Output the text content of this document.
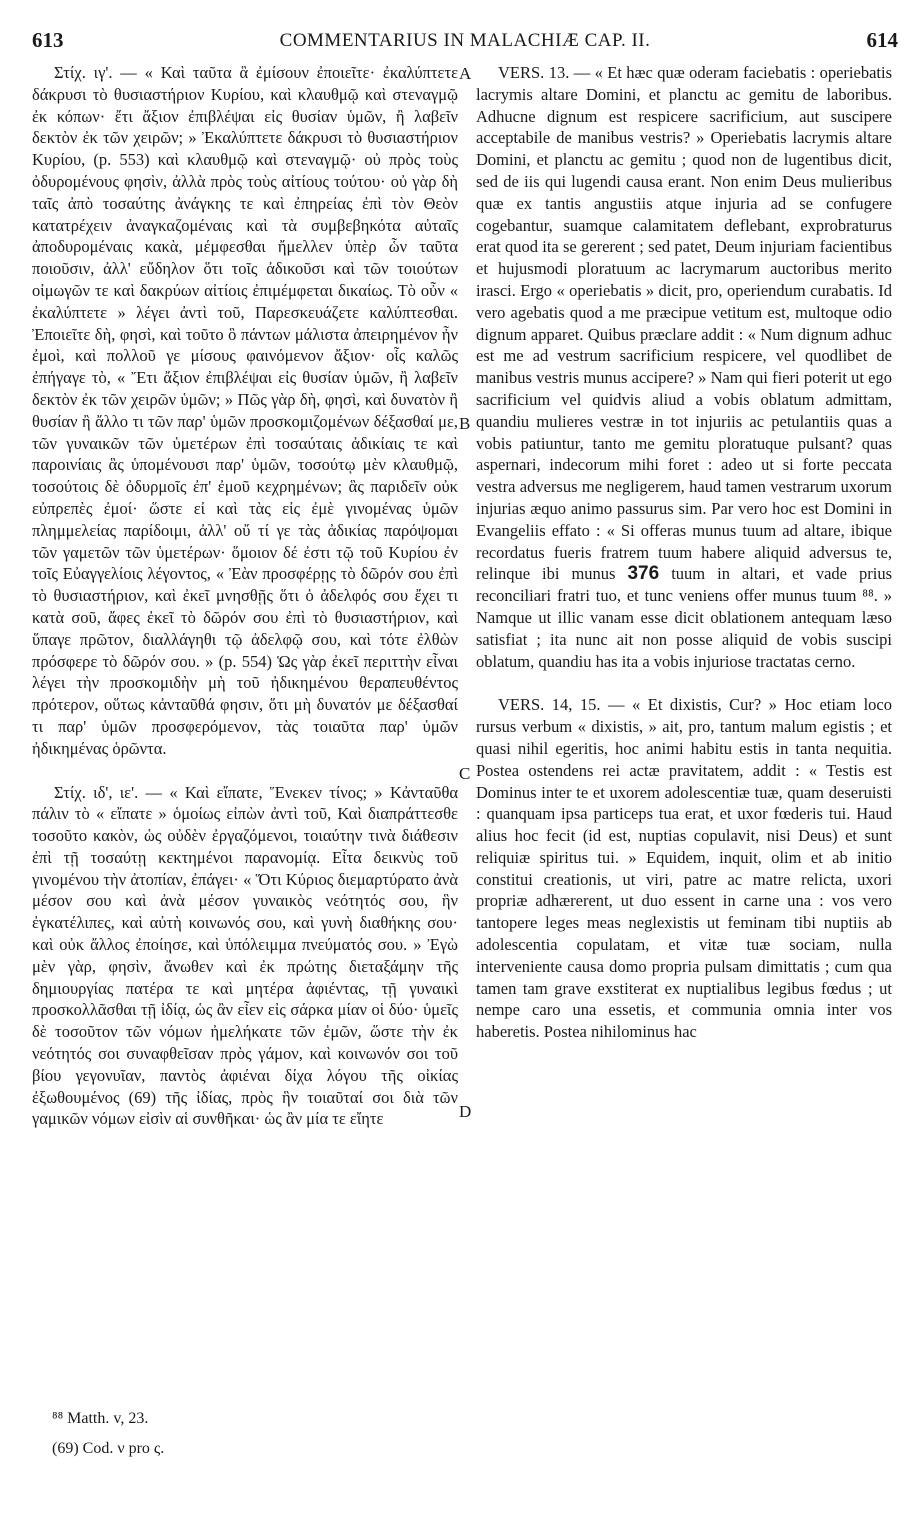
613	COMMENTARIUS IN MALACHIÆ CAP. II.	614
A
B
C
D

Στίχ. ιγ'. — « Καὶ ταῦτα ἃ ἐμίσουν ἐποιεῖτε· ἐκαλύπτετε δάκρυσι τὸ θυσιαστήριον Κυρίου, καὶ κλαυθμῷ καὶ στεναγμῷ ἐκ κόπων· ἔτι ἄξιον ἐπιβλέψαι εἰς θυσίαν ὑμῶν, ἢ λαβεῖν δεκτὸν ἐκ τῶν χειρῶν; » Ἐκαλύπτετε δάκρυσι τὸ θυσιαστήριον Κυρίου, (p. 553) καὶ κλαυθμῷ καὶ στεναγμῷ· οὐ πρὸς τοὺς ὀδυρομένους φησὶν, ἀλλὰ πρὸς τοὺς αἰτίους τούτου· οὐ γὰρ δὴ ταῖς ἀπὸ τοσαύτης ἀνάγκης τε καὶ ἐπηρείας ἐπὶ τὸν Θεὸν κατατρέχειν ἀναγκαζομέναις καὶ τὰ συμβεβηκότα αὐταῖς ἀποδυρομέναις κακὰ, μέμφεσθαι ἤμελλεν ὑπὲρ ὧν ταῦτα ποιοῦσιν, ἀλλ' εὔδηλον ὅτι τοῖς ἀδικοῦσι καὶ τῶν τοιούτων οἰμωγῶν τε καὶ δακρύων αἰτίοις ἐπιμέμφεται δικαίως. Τὸ οὖν « ἐκαλύπτετε » λέγει ἀντὶ τοῦ, Παρεσκευάζετε καλύπτεσθαι. Ἐποιεῖτε δὴ, φησὶ, καὶ τοῦτο ὃ πάντων μάλιστα ἀπειρημένον ἦν ἐμοὶ, καὶ πολλοῦ γε μίσους φαινόμενον ἄξιον· οἷς καλῶς ἐπήγαγε τὸ, « Ἔτι ἄξιον ἐπιβλέψαι εἰς θυσίαν ὑμῶν, ἢ λαβεῖν δεκτὸν ἐκ τῶν χειρῶν ὑμῶν; » Πῶς γὰρ δὴ, φησὶ, καὶ δυνατὸν ἢ θυσίαν ἢ ἄλλο τι τῶν παρ' ὑμῶν προσκομιζομένων δέξασθαί με, τῶν γυναικῶν τῶν ὑμετέρων ἐπὶ τοσαύταις ἀδικίαις τε καὶ παροινίαις ἃς ὑπομένουσι παρ' ὑμῶν, τοσούτῳ μὲν κλαυθμῷ, τοσούτοις δὲ ὀδυρμοῖς ἐπ' ἐμοῦ κεχρημένων; ἃς παριδεῖν οὐκ εὐπρεπὲς ἐμοί· ὥστε εἰ καὶ τὰς εἰς ἐμὲ γινομένας ὑμῶν πλημμελείας παρίδοιμι, ἀλλ' οὔ τί γε τὰς ἀδικίας παρόψομαι τῶν γαμετῶν τῶν ὑμετέρων· ὅμοιον δέ ἐστι τῷ τοῦ Κυρίου ἐν τοῖς Εὐαγγελίοις λέγοντος, « Ἐὰν προσφέρῃς τὸ δῶρόν σου ἐπὶ τὸ θυσιαστήριον, καὶ ἐκεῖ μνησθῇς ὅτι ὁ ἀδελφός σου ἔχει τι κατὰ σοῦ, ἄφες ἐκεῖ τὸ δῶρόν σου ἐπὶ τὸ θυσιαστήριον, καὶ ὕπαγε πρῶτον, διαλλάγηθι τῷ ἀδελφῷ σου, καὶ τότε ἐλθὼν πρόσφερε τὸ δῶρόν σου. » (p. 554) Ὡς γὰρ ἐκεῖ περιττὴν εἶναι λέγει τὴν προσκομιδὴν μὴ τοῦ ἠδικημένου θεραπευθέντος πρότερον, οὕτως κἀνταῦθά φησιν, ὅτι μὴ δυνατόν με δέξασθαί τι παρ' ὑμῶν προσφερόμενον, τὰς τοιαῦτα παρ' ὑμῶν ἠδικημένας ὁρῶντα.

Στίχ. ιδ', ιε'. — « Καὶ εἴπατε, Ἕνεκεν τίνος; » Κἀνταῦθα πάλιν τὸ « εἴπατε » ὁμοίως εἰπὼν ἀντὶ τοῦ, Καὶ διαπράττεσθε τοσοῦτο κακὸν, ὡς οὐδὲν ἐργαζόμενοι, τοιαύτην τινὰ διάθεσιν ἐπὶ τῇ τοσαύτῃ κεκτημένοι παρανομίᾳ. Εἶτα δεικνὺς τοῦ γινομένου τὴν ἀτοπίαν, ἐπάγει· « Ὅτι Κύριος διεμαρτύρατο ἀνὰ μέσον σου καὶ ἀνὰ μέσον γυναικὸς νεότητός σου, ἣν ἐγκατέλιπες, καὶ αὐτὴ κοινωνός σου, καὶ γυνὴ διαθήκης σου· καὶ οὐκ ἄλλος ἐποίησε, καὶ ὑπόλειμμα πνεύματός σου. » Ἐγὼ μὲν γὰρ, φησὶν, ἄνωθεν καὶ ἐκ πρώτης διεταξάμην τῆς δημιουργίας πατέρα τε καὶ μητέρα ἀφιέντας, τῇ γυναικὶ προσκολλᾶσθαι τῇ ἰδίᾳ, ὡς ἂν εἶεν εἰς σάρκα μίαν οἱ δύο· ὑμεῖς δὲ τοσοῦτον τῶν νόμων ἠμελήκατε τῶν ἐμῶν, ὥστε τὴν ἐκ νεότητός σοι συναφθεῖσαν πρὸς γάμον, καὶ κοινωνόν σοι τοῦ βίου γεγονυῖαν, παντὸς ἀφιέναι δίχα λόγου τῆς οἰκίας ἐξωθουμένος (69) τῆς ἰδίας, πρὸς ἣν τοιαῦταί σοι διὰ τῶν γαμικῶν νόμων εἰσὶν αἱ συνθῆκαι· ὡς ἂν μία τε εἴητε

VERS. 13. — « Et hæc quæ oderam faciebatis : operiebatis lacrymis altare Domini, et planctu ac gemitu de laboribus. Adhucne dignum est respicere sacrificium, aut suscipere acceptabile de manibus vestris? » Operiebatis lacrymis altare Domini, et planctu ac gemitu ; quod non de lugentibus dicit, sed de iis qui lugendi causa erant. Non enim Deus mulieribus quæ ex tantis angustiis atque injuria ad se confugere cogebantur, suamque calamitatem deflebant, exprobraturus erat quod ita se gererent ; sed patet, Deum injuriam facientibus et hujusmodi ploratuum ac lacrymarum auctoribus merito irasci. Ergo « operiebatis » dicit, pro, operiendum curabatis. Id vero agebatis quod a me præcipue vetitum est, multoque odio dignum apparet. Quibus præclare addit : « Num dignum adhuc est me ad vestrum sacrificium respicere, vel quodlibet de manibus vestris munus accipere? » Nam qui fieri poterit ut ego sacrificium vel quidvis aliud a vobis oblatum admittam, quandiu mulieres vestræ in tot injuriis ac petulantiis quas a vobis patiuntur, tanto me gemitu ploratuque pulsant? quas aspernari, indecorum mihi foret : adeo ut si forte peccata vestra adversus me negligerem, haud tamen vestrarum uxorum injurias æquo animo passurus sim. Par vero hoc est Domini in Evangeliis effato : « Si offeras munus tuum ad altare, ibique recordatus fueris fratrem tuum habere aliquid adversus te, relinque ibi munus 376 tuum in altari, et vade prius reconciliari fratri tuo, et tunc veniens offer munus tuum ⁸⁸. » Namque ut illic vanam esse dicit oblationem antequam læso satisfiat ; ita nunc ait non posse aliquid de vobis suscipi oblatum, quandiu has ita a vobis injuriose tractatas cerno.

VERS. 14, 15. — « Et dixistis, Cur? » Hoc etiam loco rursus verbum « dixistis, » ait, pro, tantum malum egistis ; et quasi nihil egeritis, hoc animi habitu estis in tanta nequitia. Postea ostendens rei actæ pravitatem, addit : « Testis est Dominus inter te et uxorem adolescentiæ tuæ, quam deseruisti : quanquam ipsa particeps tua erat, et uxor fœderis tui. Haud alius hoc fecit (id est, nuptias copulavit, nisi Deus) et sunt reliquiæ spiritus tui. » Equidem, inquit, olim et ab initio constitui creationis, ut viri, patre ac matre relicta, uxori propriæ adhærerent, ut duo essent in carne una : vos vero tantopere leges meas neglexistis ut feminam tibi nuptiis ab adolescentia copulatam, et vitæ tuæ sociam, nulla interveniente causa domo propria pulsam dimittatis ; cum qua tamen tam grave exstiterat ex nuptialibus legibus fœdus ; ut nempe caro una essetis, et communia omnia inter vos haberetis. Postea nihilominus hac

⁸⁸ Matth. v, 23.
(69) Cod. ν pro ς.
